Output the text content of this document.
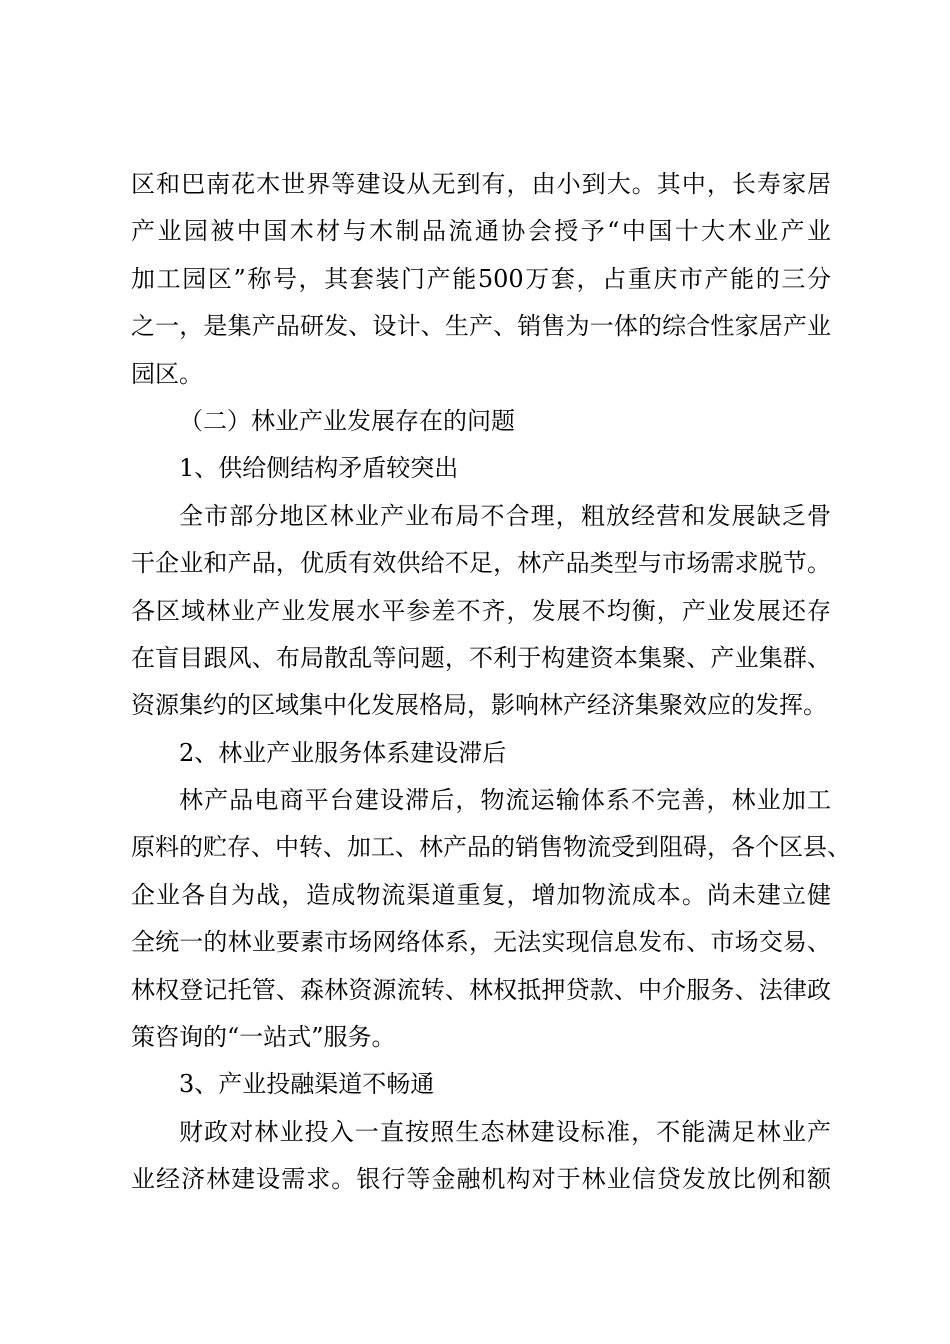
区和巴南花木世界等建设从无到有，由小到大。其中，长寿家居
产业园被中国木材与木制品流通协会授予“中国十大木业产业
加工园区”称号，其套装门产能500万套，占重庆市产能的三分
之一，是集产品研发、设计、生产、销售为一体的综合性家居产业
园区。
（二）林业产业发展存在的问题
1、供给侧结构矛盾较突出
全市部分地区林业产业布局不合理，粗放经营和发展缺乏骨
干企业和产品，优质有效供给不足，林产品类型与市场需求脱节。
各区域林业产业发展水平参差不齐，发展不均衡，产业发展还存
在盲目跟风、布局散乱等问题，不利于构建资本集聚、产业集群、
资源集约的区域集中化发展格局，影响林产经济集聚效应的发挥。
2、林业产业服务体系建设滞后
林产品电商平台建设滞后，物流运输体系不完善，林业加工
原料的贮存、中转、加工、林产品的销售物流受到阻碍，各个区县、
企业各自为战，造成物流渠道重复，增加物流成本。尚未建立健
全统一的林业要素市场网络体系，无法实现信息发布、市场交易、
林权登记托管、森林资源流转、林权抵押贷款、中介服务、法律政
策咨询的“一站式”服务。
3、产业投融渠道不畅通
财政对林业投入一直按照生态林建设标准，不能满足林业产
业经济林建设需求。银行等金融机构对于林业信贷发放比例和额
